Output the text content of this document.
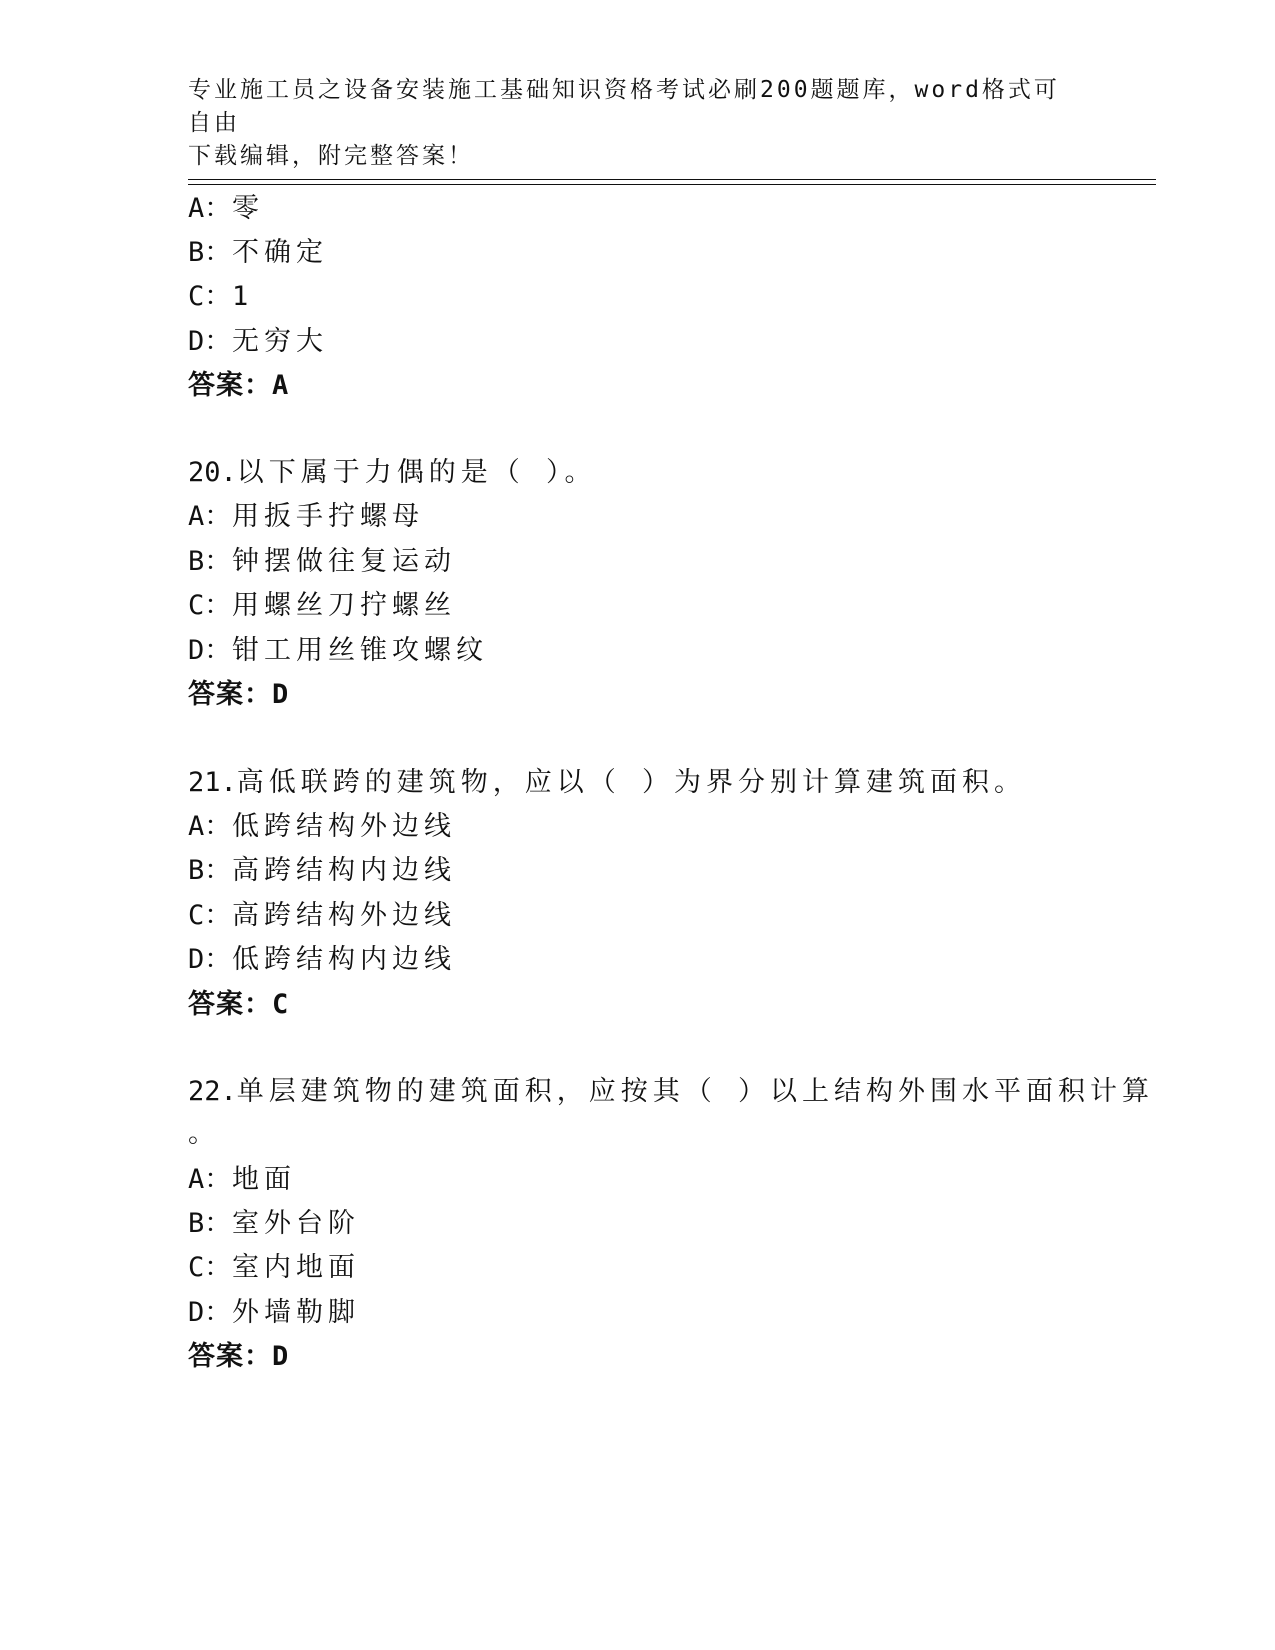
专业施工员之设备安装施工基础知识资格考试必刷200题题库，word格式可自由
下载编辑，附完整答案！
A：零
B：不确定
C：1
D：无穷大
答案：A
20.以下属于力偶的是（ ）。
A：用扳手拧螺母
B：钟摆做往复运动
C：用螺丝刀拧螺丝
D：钳工用丝锥攻螺纹
答案：D
21.高低联跨的建筑物，应以（ ）为界分别计算建筑面积。
A：低跨结构外边线
B：高跨结构内边线
C：高跨结构外边线
D：低跨结构内边线
答案：C
22.单层建筑物的建筑面积，应按其（ ）以上结构外围水平面积计算
。
A：地面
B：室外台阶
C：室内地面
D：外墙勒脚
答案：D
